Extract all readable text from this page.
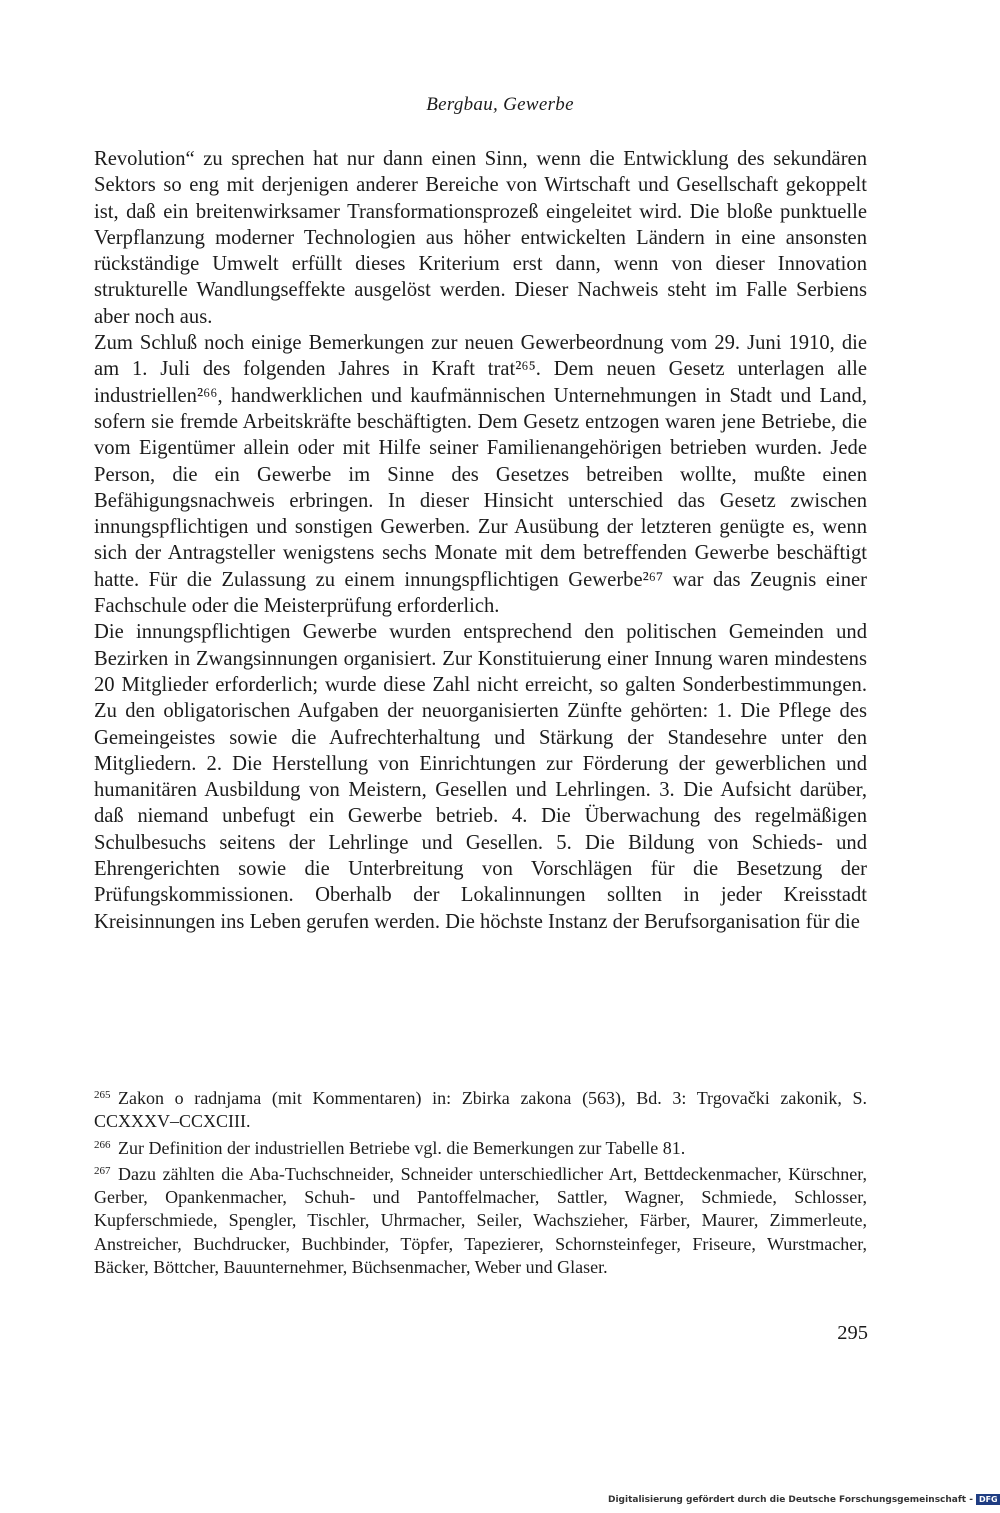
Bergbau, Gewerbe

Revolution“ zu sprechen hat nur dann einen Sinn, wenn die Entwicklung des sekundären Sektors so eng mit derjenigen anderer Bereiche von Wirtschaft und Gesellschaft gekoppelt ist, daß ein breitenwirksamer Transformationsprozeß eingeleitet wird. Die bloße punktuelle Verpflanzung moderner Technologien aus höher entwickelten Ländern in eine ansonsten rückständige Umwelt erfüllt dieses Kriterium erst dann, wenn von dieser Innovation strukturelle Wandlungseffekte ausgelöst werden. Dieser Nachweis steht im Falle Serbiens aber noch aus.

Zum Schluß noch einige Bemerkungen zur neuen Gewerbeordnung vom 29. Juni 1910, die am 1. Juli des folgenden Jahres in Kraft trat²⁶⁵. Dem neuen Gesetz unterlagen alle industriellen²⁶⁶, handwerklichen und kaufmännischen Unternehmungen in Stadt und Land, sofern sie fremde Arbeitskräfte beschäftigten. Dem Gesetz entzogen waren jene Betriebe, die vom Eigentümer allein oder mit Hilfe seiner Familienangehörigen betrieben wurden. Jede Person, die ein Gewerbe im Sinne des Gesetzes betreiben wollte, mußte einen Befähigungsnachweis erbringen. In dieser Hinsicht unterschied das Gesetz zwischen innungspflichtigen und sonstigen Gewerben. Zur Ausübung der letzteren genügte es, wenn sich der Antragsteller wenigstens sechs Monate mit dem betreffenden Gewerbe beschäftigt hatte. Für die Zulassung zu einem innungspflichtigen Gewerbe²⁶⁷ war das Zeugnis einer Fachschule oder die Meisterprüfung erforderlich.

Die innungspflichtigen Gewerbe wurden entsprechend den politischen Gemeinden und Bezirken in Zwangsinnungen organisiert. Zur Konstituierung einer Innung waren mindestens 20 Mitglieder erforderlich; wurde diese Zahl nicht erreicht, so galten Sonderbestimmungen. Zu den obligatorischen Aufgaben der neuorganisierten Zünfte gehörten: 1. Die Pflege des Gemeingeistes sowie die Aufrechterhaltung und Stärkung der Standesehre unter den Mitgliedern. 2. Die Herstellung von Einrichtungen zur Förderung der gewerblichen und humanitären Ausbildung von Meistern, Gesellen und Lehrlingen. 3. Die Aufsicht darüber, daß niemand unbefugt ein Gewerbe betrieb. 4. Die Überwachung des regelmäßigen Schulbesuchs seitens der Lehrlinge und Gesellen. 5. Die Bildung von Schieds- und Ehrengerichten sowie die Unterbreitung von Vorschlägen für die Besetzung der Prüfungskommissionen. Oberhalb der Lokalinnungen sollten in jeder Kreisstadt Kreisinnungen ins Leben gerufen werden. Die höchste Instanz der Berufsorganisation für die

265 Zakon o radnjama (mit Kommentaren) in: Zbirka zakona (563), Bd. 3: Trgovački zakonik, S. CCXXXV–CCXCIII.

266 Zur Definition der industriellen Betriebe vgl. die Bemerkungen zur Tabelle 81.

267 Dazu zählten die Aba-Tuchschneider, Schneider unterschiedlicher Art, Bettdeckenmacher, Kürschner, Gerber, Opankenmacher, Schuh- und Pantoffelmacher, Sattler, Wagner, Schmiede, Schlosser, Kupferschmiede, Spengler, Tischler, Uhrmacher, Seiler, Wachszieher, Färber, Maurer, Zimmerleute, Anstreicher, Buchdrucker, Buchbinder, Töpfer, Tapezierer, Schornsteinfeger, Friseure, Wurstmacher, Bäcker, Böttcher, Bauunternehmer, Büchsenmacher, Weber und Glaser.

295
Digitalisierung gefördert durch die Deutsche Forschungsgemeinschaft - DFG
